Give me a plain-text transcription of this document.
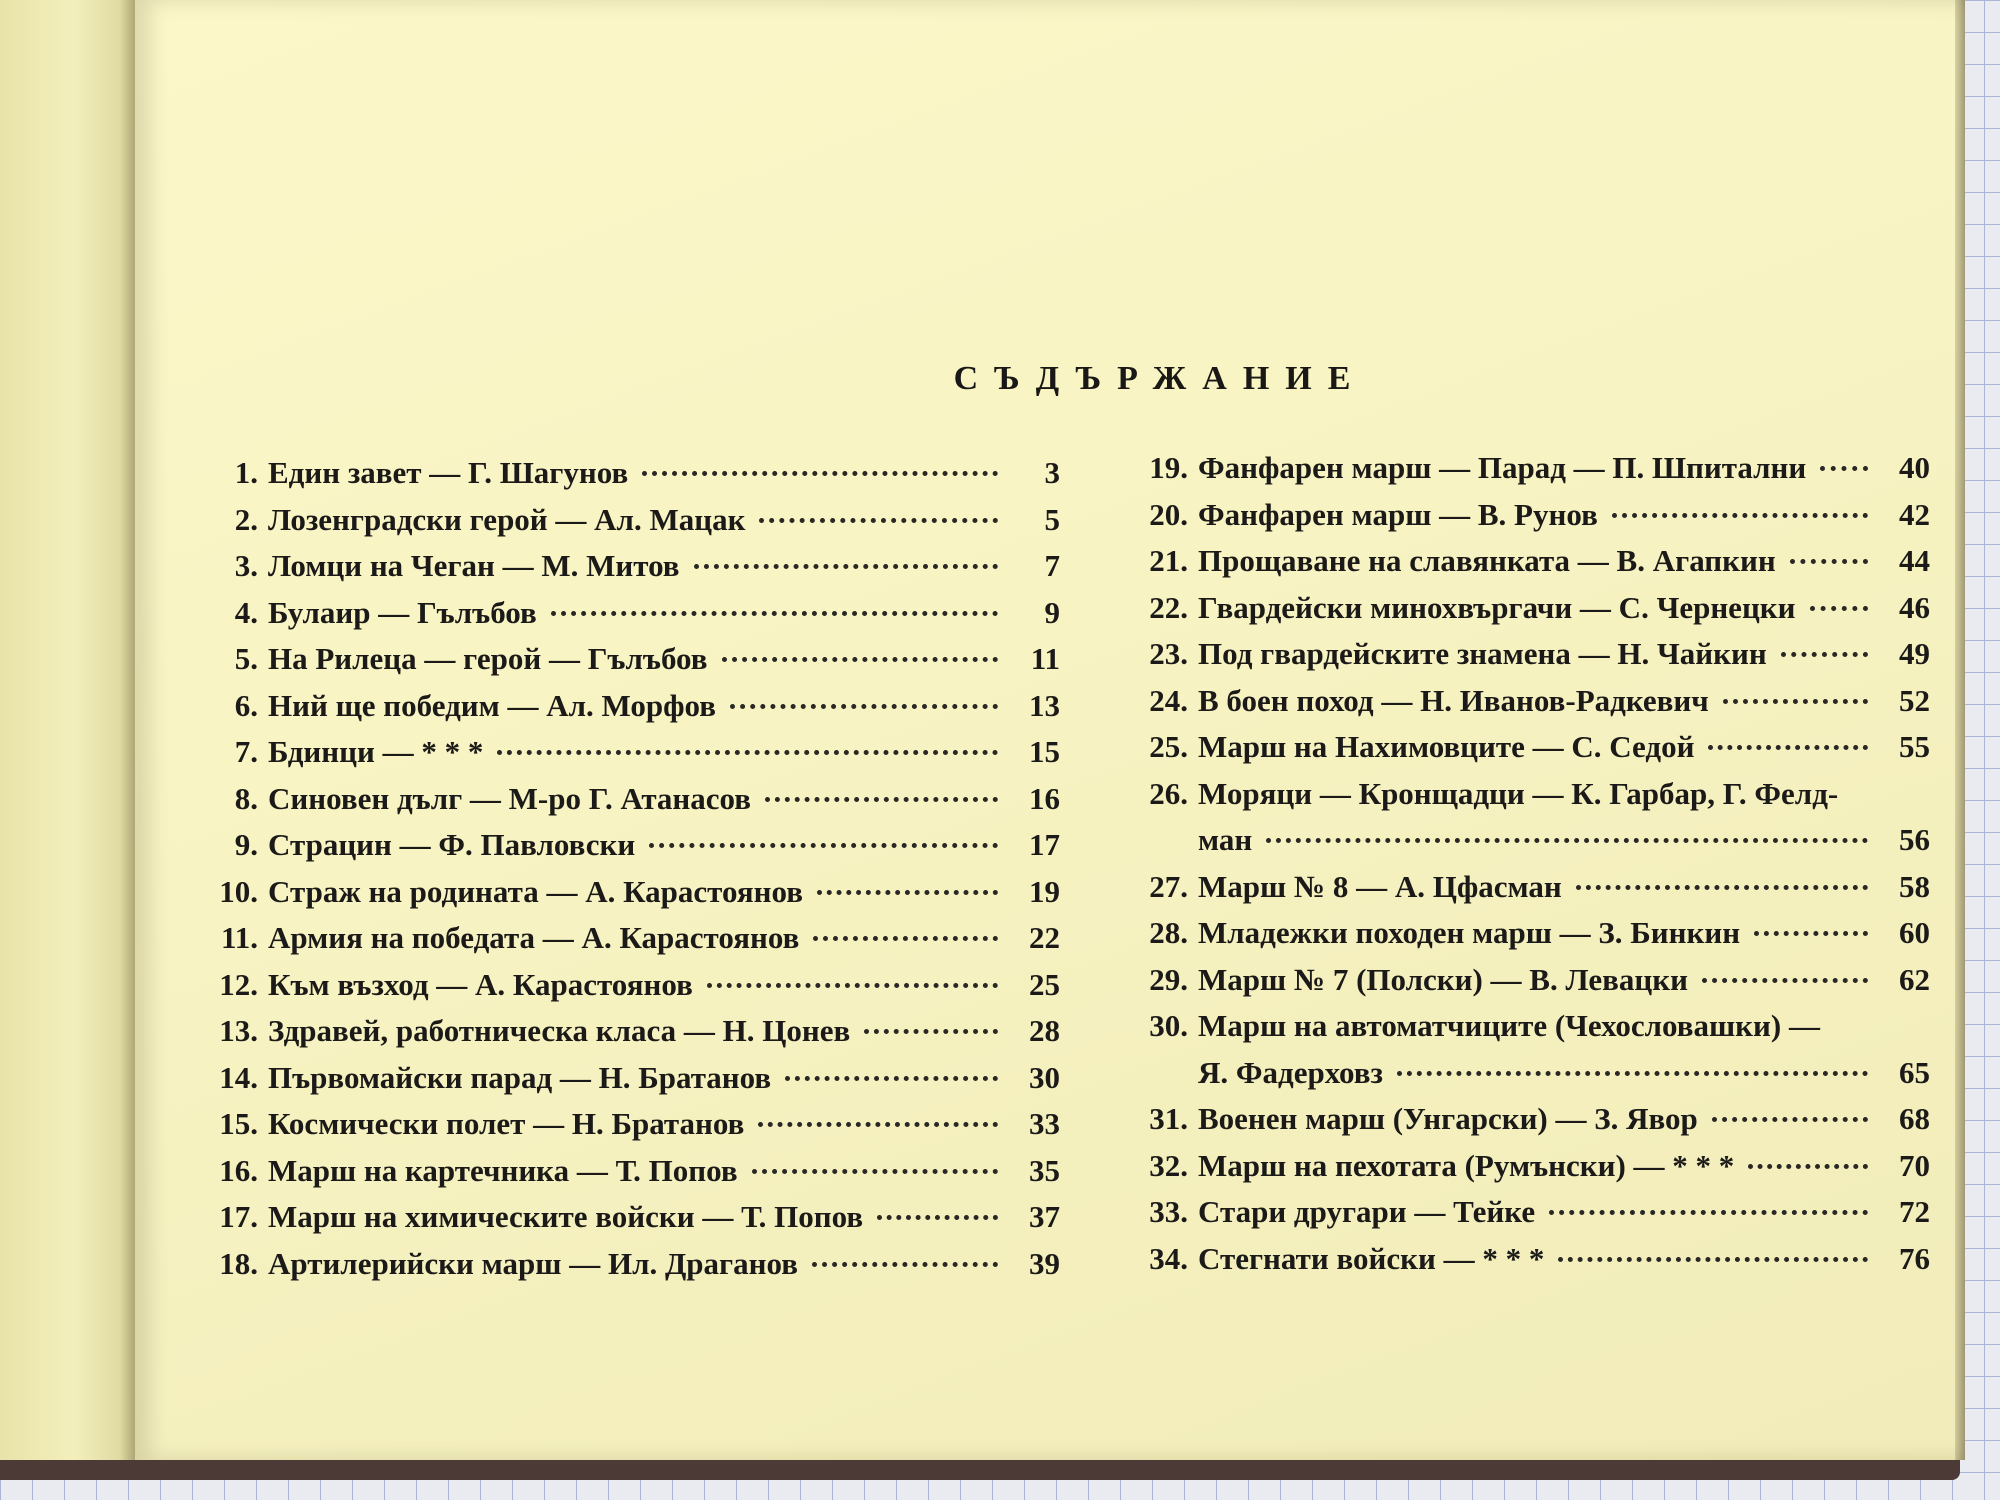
СЪДЪРЖАНИЕ
1. Един завет — Г. Шагунов	3
2. Лозенградски герой — Ал. Мацак	5
3. Ломци на Чеган — М. Митов	7
4. Булаир — Гълъбов	9
5. На Рилеца — герой — Гълъбов	11
6. Ний ще победим — Ал. Морфов	13
7. Бдинци — * * *	15
8. Синовен дълг — М-ро Г. Атанасов	16
9. Страцин — Ф. Павловски	17
10. Страж на родината — А. Карастоянов	19
11. Армия на победата — А. Карастоянов	22
12. Към възход — А. Карастоянов	25
13. Здравей, работническа класа — Н. Цонев	28
14. Първомайски парад — Н. Братанов	30
15. Космически полет — Н. Братанов	33
16. Марш на картечника — Т. Попов	35
17. Марш на химическите войски — Т. Попов	37
18. Артилерийски марш — Ил. Драганов	39
19. Фанфарен марш — Парад — П. Шпитални	40
20. Фанфарен марш — В. Рунов	42
21. Прощаване на славянката — В. Агапкин	44
22. Гвардейски минохвъргачи — С. Чернецки	46
23. Под гвардейските знамена — Н. Чайкин	49
24. В боен поход — Н. Иванов-Радкевич	52
25. Марш на Нахимовците — С. Седой	55
26. Моряци — Кронщадци — К. Гарбар, Г. Фелд-
ман	56
27. Марш № 8 — А. Цфасман	58
28. Младежки походен марш — З. Бинкин	60
29. Марш № 7 (Полски) — В. Левацки	62
30. Марш на автоматчиците (Чехословашки) —
Я. Фадерховз	65
31. Военен марш (Унгарски) — З. Явор	68
32. Марш на пехотата (Румънски) — * * *	70
33. Стари другари — Тейке	72
34. Стегнати войски — * * *	76
